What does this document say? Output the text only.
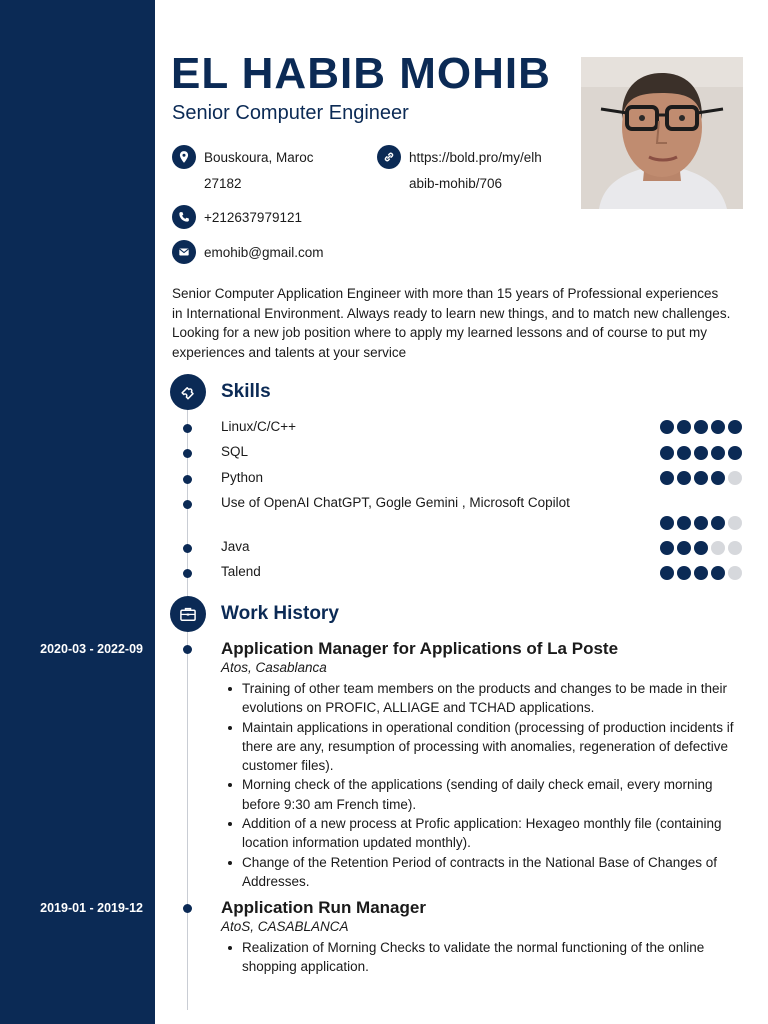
2020-03 - 2022-09
2019-01 - 2019-12
EL HABIB MOHIB
Senior Computer Engineer
Bouskoura, Maroc
27182
https://bold.pro/my/elh
abib-mohib/706
+212637979121
emohib@gmail.com
Senior Computer Application Engineer with more than 15 years of Professional experiences in International Environment. Always ready to learn new things, and to match new challenges. Looking for a new job position where to apply my learned lessons and of course to put my experiences and talents at your service
Skills
Linux/C/C++
SQL
Python
Use of OpenAI ChatGPT, Gogle Gemini , Microsoft Copilot
Java
Talend
Work History
Application Manager for Applications of La Poste
Atos, Casablanca
Training of other team members on the products and changes to be made in their evolutions on PROFIC, ALLIAGE and TCHAD applications.
Maintain applications in operational condition (processing of production incidents if there are any, resumption of processing with anomalies, regeneration of defective customer files).
Morning check of the applications (sending of daily check email, every morning before 9:30 am French time).
Addition of a new process at Profic application: Hexageo monthly file (containing location information updated monthly).
Change of the Retention Period of contracts in the National Base of Changes of Addresses.
Application Run Manager
AtoS, CASABLANCA
Realization of Morning Checks to validate the normal functioning of the online shopping application.
